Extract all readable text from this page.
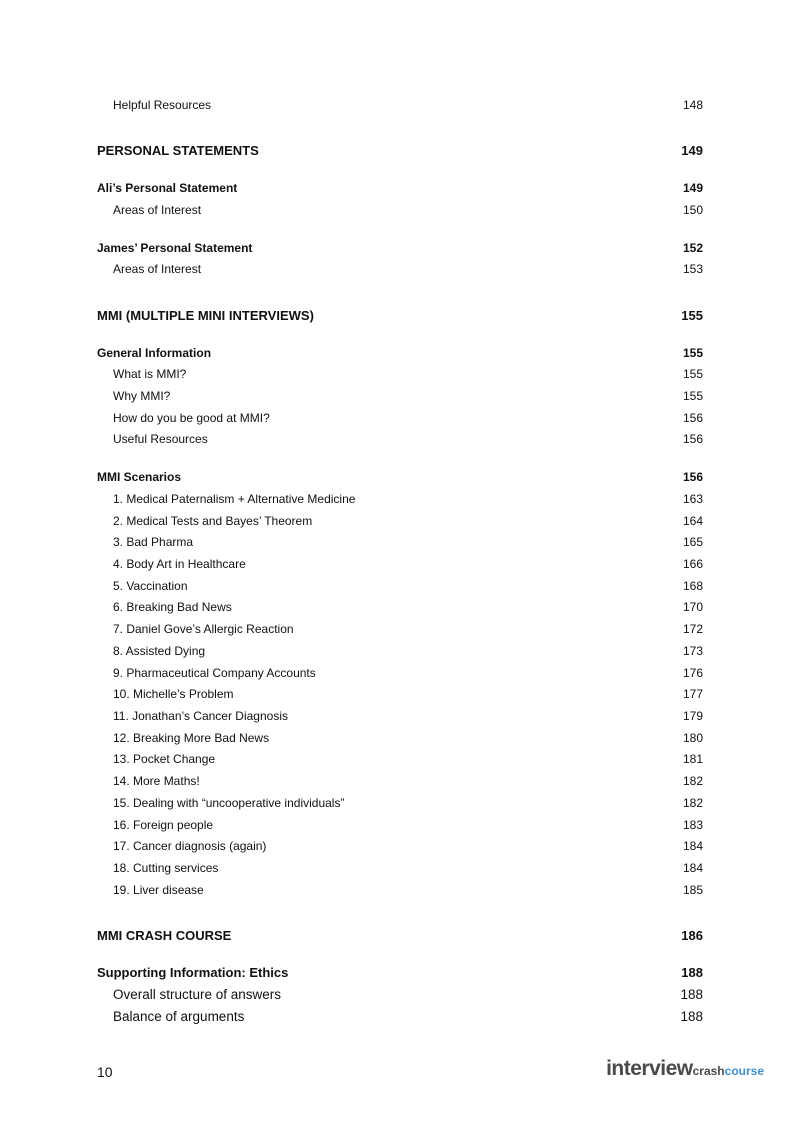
Helpful Resources	148
PERSONAL STATEMENTS	149
Ali’s Personal Statement	149
Areas of Interest	150
James’ Personal Statement	152
Areas of Interest	153
MMI (MULTIPLE MINI INTERVIEWS)	155
General Information	155
What is MMI?	155
Why MMI?	155
How do you be good at MMI?	156
Useful Resources	156
MMI Scenarios	156
1. Medical Paternalism + Alternative Medicine	163
2. Medical Tests and Bayes’ Theorem	164
3. Bad Pharma	165
4. Body Art in Healthcare	166
5. Vaccination	168
6. Breaking Bad News	170
7. Daniel Gove’s Allergic Reaction	172
8. Assisted Dying	173
9. Pharmaceutical Company Accounts	176
10. Michelle’s Problem	177
11. Jonathan’s Cancer Diagnosis	179
12. Breaking More Bad News	180
13. Pocket Change	181
14. More Maths!	182
15. Dealing with “uncooperative individuals”	182
16. Foreign people	183
17. Cancer diagnosis (again)	184
18. Cutting services	184
19. Liver disease	185
MMI CRASH COURSE	186
Supporting Information: Ethics	188
Overall structure of answers	188
Balance of arguments	188
10	interview crash course
